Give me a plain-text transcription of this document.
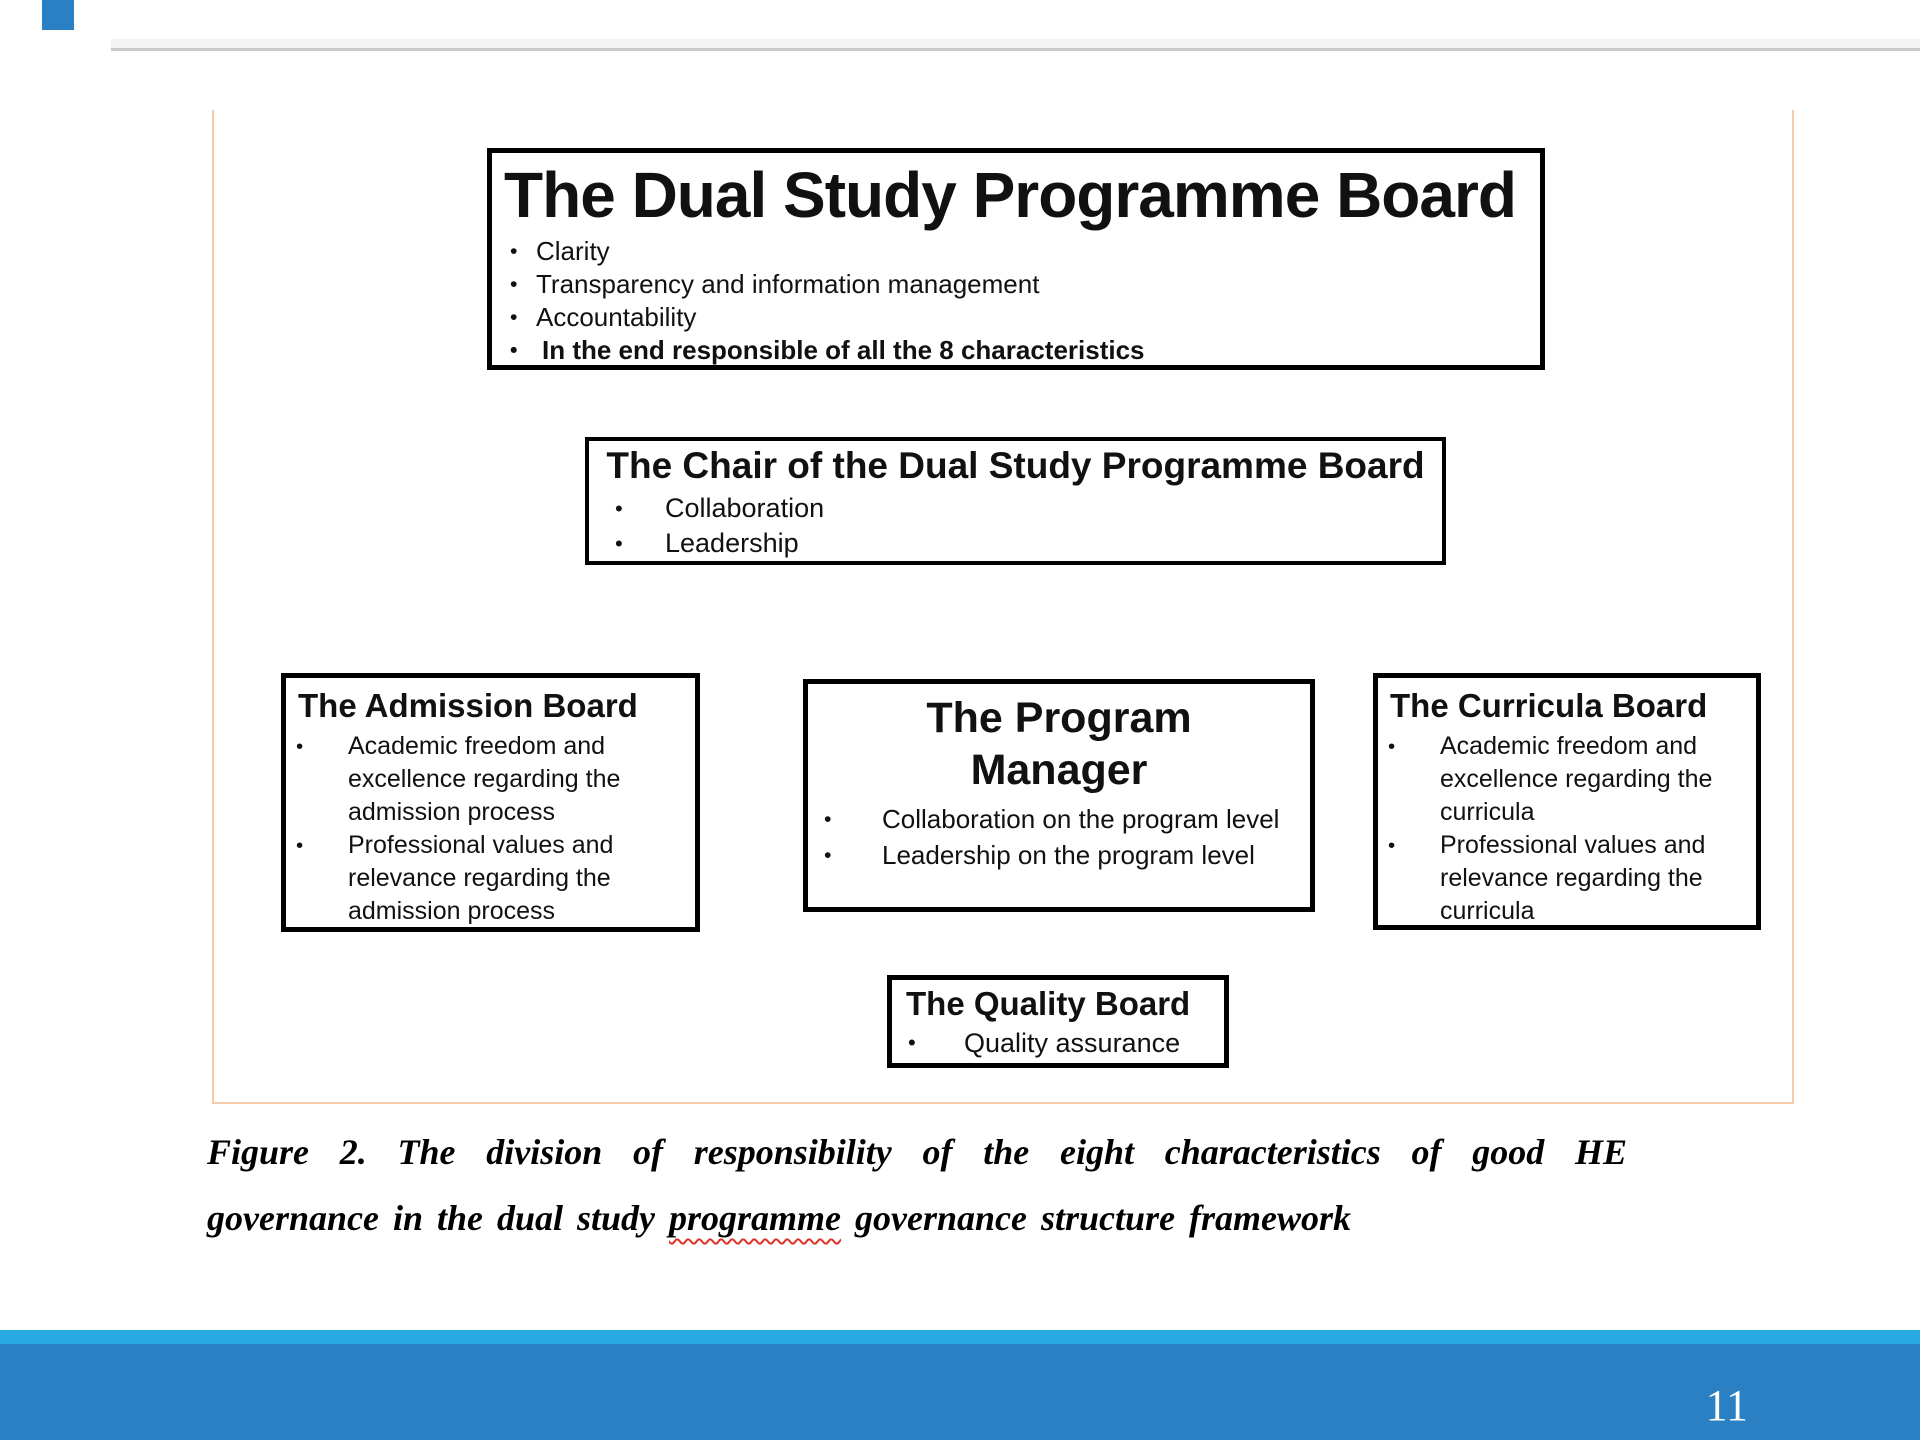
The Dual Study Programme Board
• Clarity
• Transparency and information management
• Accountability
• In the end responsible of all the 8 characteristics
The Chair of the Dual Study Programme Board
•	Collaboration
•	Leadership
The Admission Board
•	Academic freedom and excellence regarding the admission process
•	Professional values and relevance regarding the admission process
The Program
Manager
•	Collaboration on the program level
•	Leadership on the program level
The Curricula Board
•	Academic freedom and excellence regarding the curricula
•	Professional values and relevance regarding the curricula
The Quality Board
•	Quality assurance
Figure 2. The division of responsibility of the eight characteristics of good HE
governance in the dual study programme governance structure framework
11
